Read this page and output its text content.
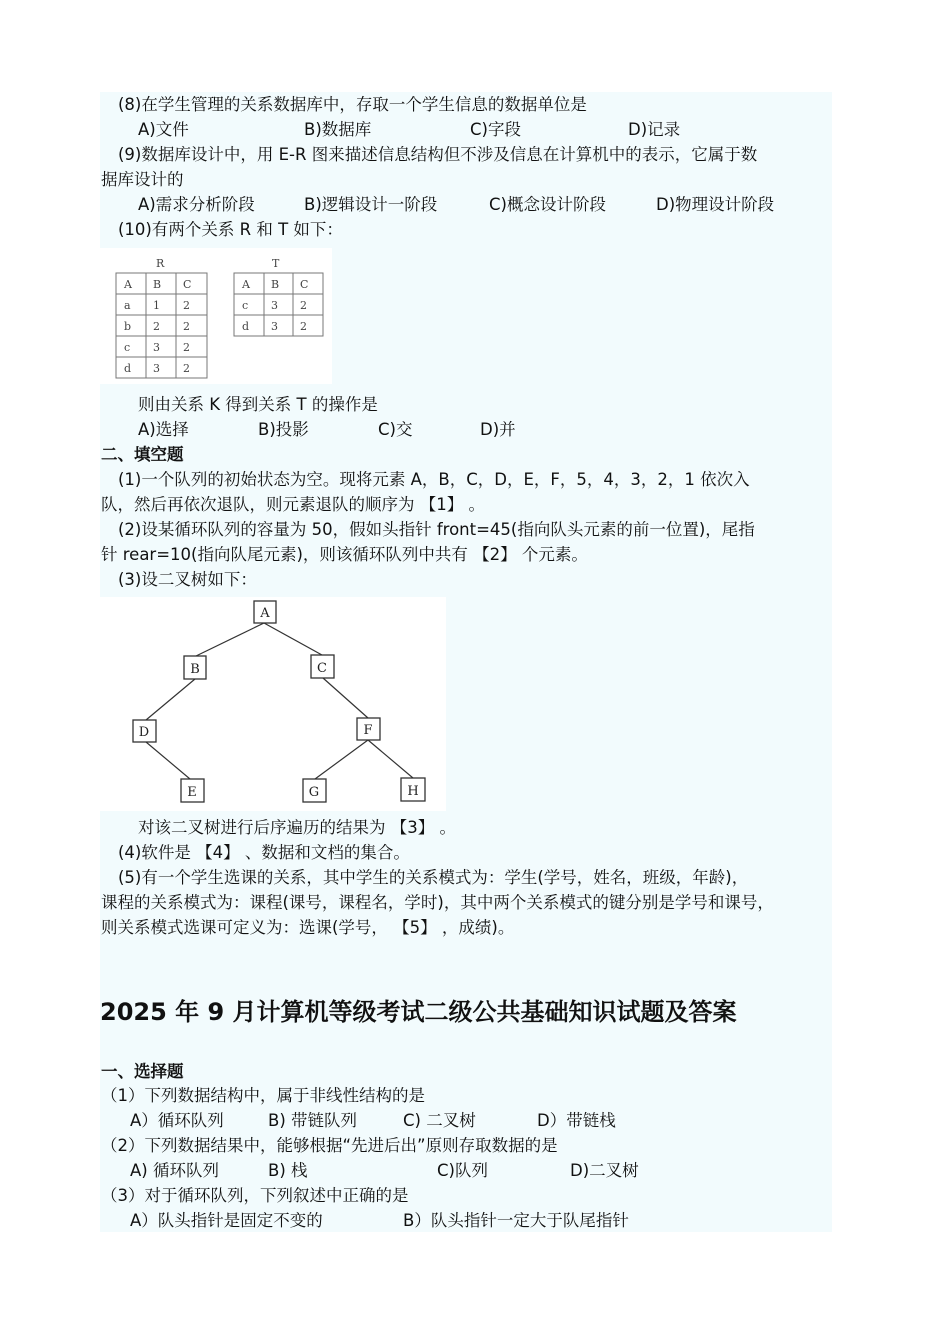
(8)在学生管理的关系数据库中，存取一个学生信息的数据单位是
A)文件	B)数据库	C)字段	D)记录
(9)数据库设计中，用 E-R 图来描述信息结构但不涉及信息在计算机中的表示，它属于数
据库设计的
A)需求分析阶段	B)逻辑设计一阶段	C)概念设计阶段	D)物理设计阶段
(10)有两个关系 R 和 T 如下：
R
A B C
a 1 2
b 2 2
c 3 2
d 3 2
T
A B C
c 3 2
d 3 2
则由关系 K 得到关系 T 的操作是
A)选择	B)投影	C)交	D)并
二、填空题
(1)一个队列的初始状态为空。现将元素 A，B，C，D，E，F，5，4，3，2，1 依次入
队，然后再依次退队，则元素退队的顺序为 【1】 。
(2)设某循环队列的容量为 50，假如头指针 front=45(指向队头元素的前一位置)，尾指
针 rear=10(指向队尾元素)，则该循环队列中共有 【2】 个元素。
(3)设二叉树如下：
A
B	C
D	F
E	G	H
对该二叉树进行后序遍历的结果为 【3】 。
(4)软件是 【4】 、数据和文档的集合。
(5)有一个学生选课的关系，其中学生的关系模式为：学生(学号，姓名，班级，年龄)，
课程的关系模式为：课程(课号，课程名，学时)，其中两个关系模式的键分别是学号和课号，
则关系模式选课可定义为：选课(学号， 【5】 ，成绩)。
2025 年 9 月计算机等级考试二级公共基础知识试题及答案
一、选择题
（1）下列数据结构中，属于非线性结构的是
A）循环队列	B) 带链队列	C) 二叉树	D）带链栈
（2）下列数据结果中，能够根据“先进后出”原则存取数据的是
A) 循环队列	B) 栈	C)队列	D)二叉树
（3）对于循环队列，下列叙述中正确的是
A）队头指针是固定不变的	B）队头指针一定大于队尾指针
